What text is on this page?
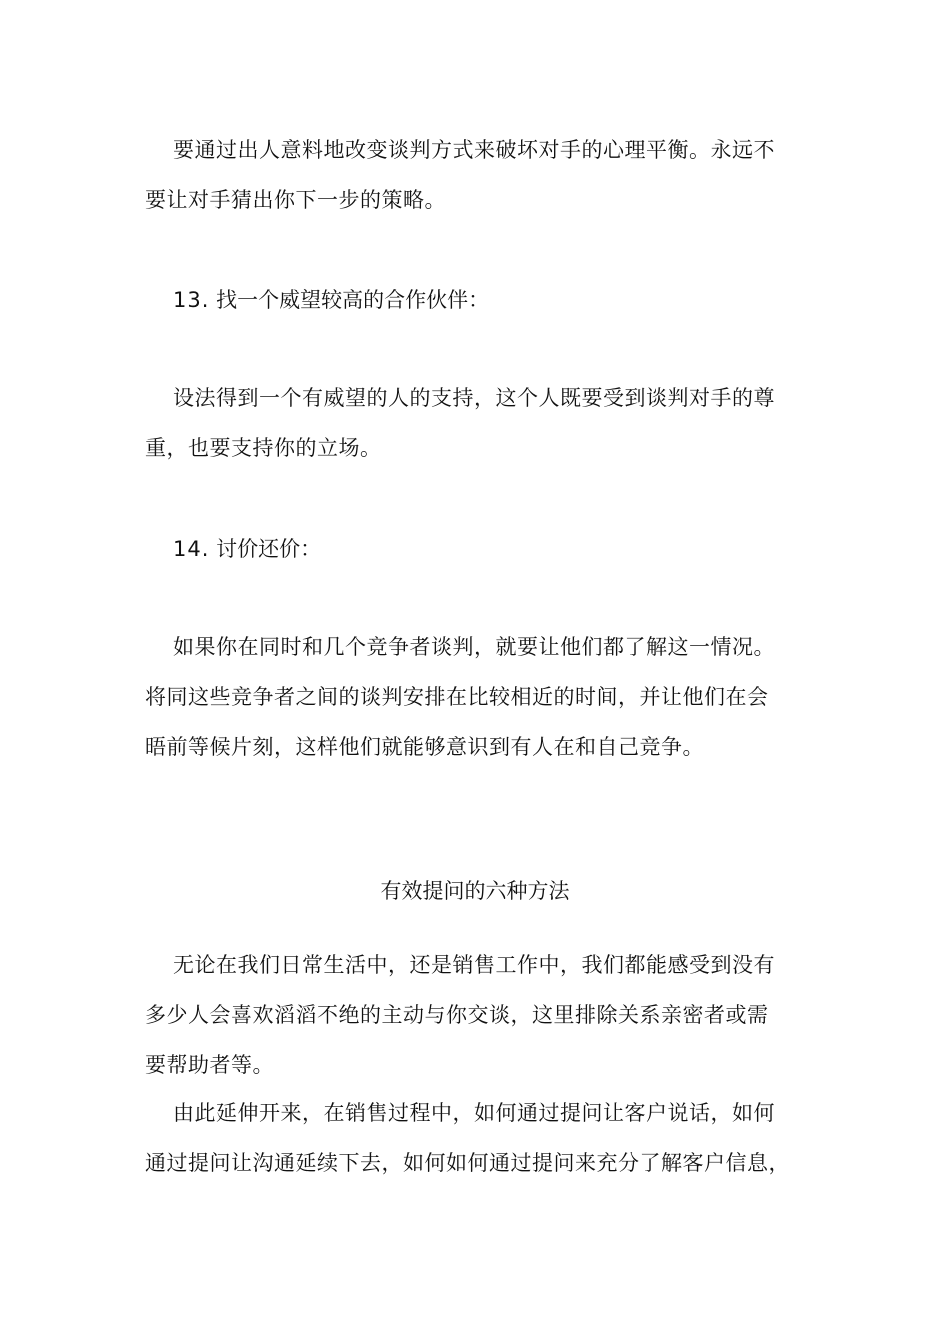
要通过出人意料地改变谈判方式来破坏对手的心理平衡。永远不
要让对手猜出你下一步的策略。

13. 找一个威望较高的合作伙伴：

设法得到一个有威望的人的支持，这个人既要受到谈判对手的尊
重，也要支持你的立场。

14. 讨价还价：

如果你在同时和几个竞争者谈判，就要让他们都了解这一情况。
将同这些竞争者之间的谈判安排在比较相近的时间，并让他们在会
晤前等候片刻，这样他们就能够意识到有人在和自己竞争。

有效提问的六种方法

无论在我们日常生活中，还是销售工作中，我们都能感受到没有
多少人会喜欢滔滔不绝的主动与你交谈，这里排除关系亲密者或需
要帮助者等。

由此延伸开来，在销售过程中，如何通过提问让客户说话，如何
通过提问让沟通延续下去，如何如何通过提问来充分了解客户信息，
